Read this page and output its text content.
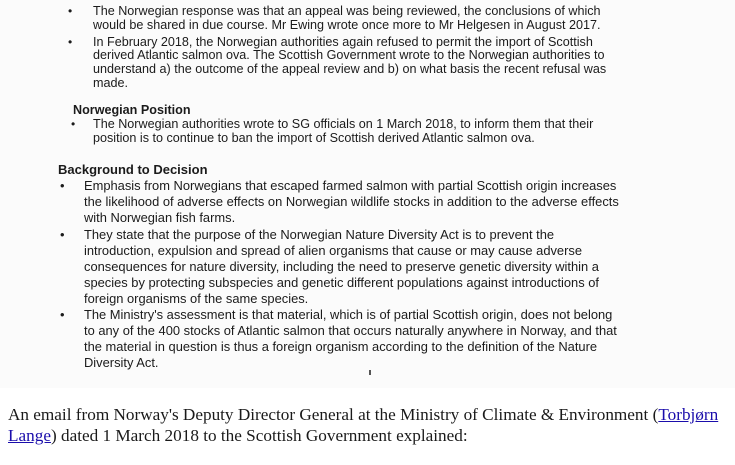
• The Norwegian response was that an appeal was being reviewed, the conclusions of which
would be shared in due course. Mr Ewing wrote once more to Mr Helgesen in August 2017.
• In February 2018, the Norwegian authorities again refused to permit the import of Scottish
derived Atlantic salmon ova. The Scottish Government wrote to the Norwegian authorities to
understand a) the outcome of the appeal review and b) on what basis the recent refusal was
made.
Norwegian Position
• The Norwegian authorities wrote to SG officials on 1 March 2018, to inform them that their
position is to continue to ban the import of Scottish derived Atlantic salmon ova.
Background to Decision
• Emphasis from Norwegians that escaped farmed salmon with partial Scottish origin increases
the likelihood of adverse effects on Norwegian wildlife stocks in addition to the adverse effects
with Norwegian fish farms.
• They state that the purpose of the Norwegian Nature Diversity Act is to prevent the
introduction, expulsion and spread of alien organisms that cause or may cause adverse
consequences for nature diversity, including the need to preserve genetic diversity within a
species by protecting subspecies and genetic different populations against introductions of
foreign organisms of the same species.
• The Ministry's assessment is that material, which is of partial Scottish origin, does not belong
to any of the 400 stocks of Atlantic salmon that occurs naturally anywhere in Norway, and that
the material in question is thus a foreign organism according to the definition of the Nature
Diversity Act.
An email from Norway's Deputy Director General at the Ministry of Climate & Environment (Torbjørn Lange) dated 1 March 2018 to the Scottish Government explained:
